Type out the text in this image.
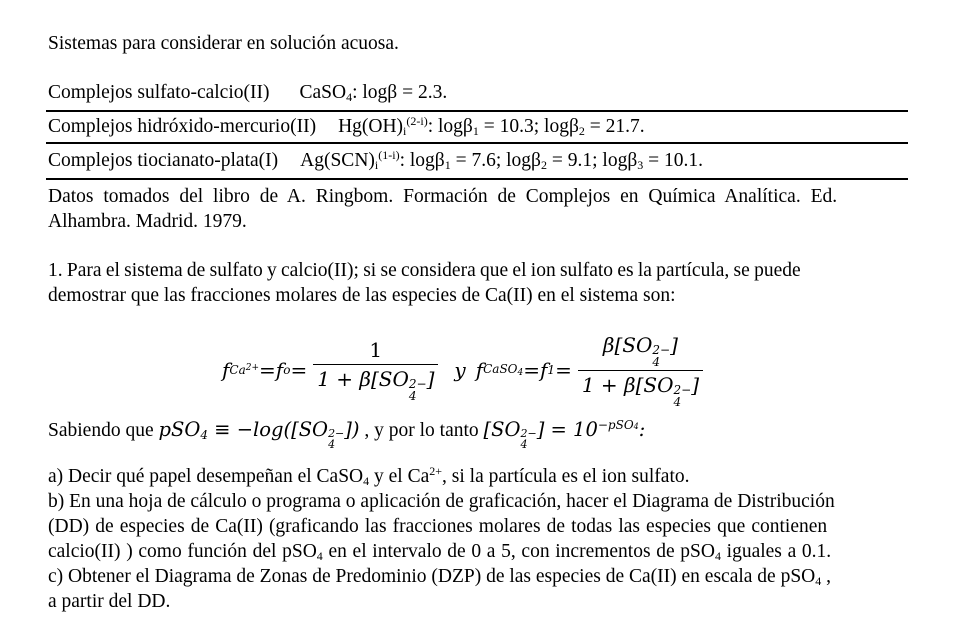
Sistemas para considerar en solución acuosa.
Complejos sulfato-calcio(II) CaSO$_4$: logβ = 2.3.
Complejos hidróxido-mercurio(II) $Hg(OH)_i^{(2-i)}$: logβ$_1$ = 10.3; logβ$_2$ = 21.7.
Complejos tiocianato-plata(I) $Ag(SCN)_i^{(1-i)}$: logβ$_1$ = 7.6; logβ$_2$ = 9.1; logβ$_3$ = 10.1.
Datos tomados del libro de A. Ringbom. Formación de Complejos en Química Analítica. Ed.
Alhambra. Madrid. 1979.
1. Para el sistema de sulfato y calcio(II); si se considera que el ion sulfato es la partícula, se puede
demostrar que las fracciones molares de las especies de Ca(II) en el sistema son:
f $Ca^{2+} = f$ o = 1
1 + β[SO 2−
4
] y f CaSO4 = f 1 = β[SO 2−
4
]
1 + β[SO 2−
4
]
Sabiendo que pSO$_4$ ≡ −log([SO 2−
4
]) , y por lo tanto [SO 2−
4
] = $10^{-pSO4}$:
a) Decir qué papel desempeñan el CaSO$_4$ y el $Ca^{2+}$, si la partícula es el ion sulfato.
b) En una hoja de cálculo o programa o aplicación de graficación, hacer el Diagrama de Distribución
(DD) de especies de Ca(II) (graficando las fracciones molares de todas las especies que contienen
calcio(II) ) como función del pSO$_4$ en el intervalo de 0 a 5, con incrementos de pSO$_4$ iguales a 0.1.
c) Obtener el Diagrama de Zonas de Predominio (DZP) de las especies de Ca(II) en escala de pSO$_4$ ,
a partir del DD.
